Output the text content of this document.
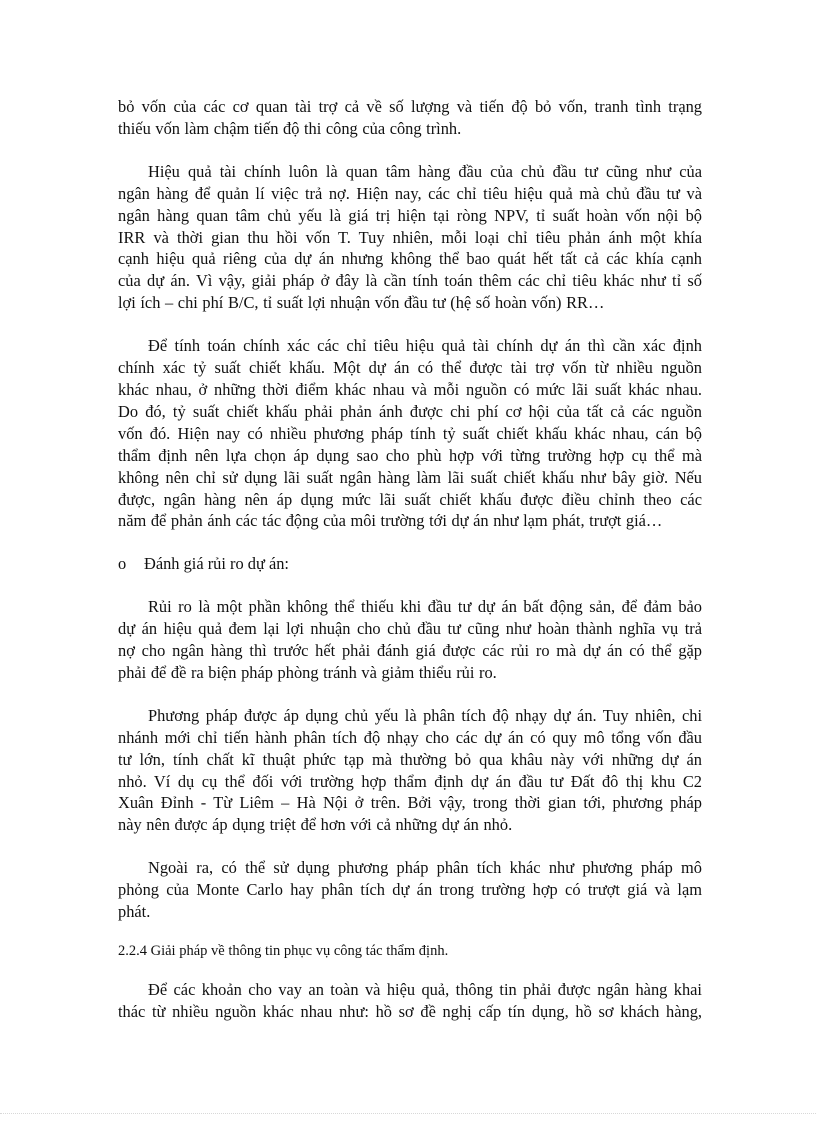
bỏ vốn của các cơ quan tài trợ cả về số lượng và tiến độ bỏ vốn, tranh tình trạng
thiếu vốn làm chậm tiến độ thi công của công trình.
Hiệu quả tài chính luôn là quan tâm hàng đầu của chủ đầu tư cũng như của
ngân hàng để quản lí việc trả nợ. Hiện nay, các chỉ tiêu hiệu quả mà chủ đầu tư và
ngân hàng quan tâm chủ yếu là giá trị hiện tại ròng NPV, tỉ suất hoàn vốn nội bộ
IRR và thời gian thu hồi vốn T. Tuy nhiên, mỗi loại chỉ tiêu phản ánh một khía
cạnh hiệu quả riêng của dự án nhưng không thể bao quát hết tất cả các khía cạnh
của dự án. Vì vậy, giải pháp ở đây là cần tính toán thêm các chỉ tiêu khác như tỉ số
lợi ích – chi phí B/C, tỉ suất lợi nhuận vốn đầu tư (hệ số hoàn vốn) RR…
Để tính toán chính xác các chỉ tiêu hiệu quả tài chính dự án thì cần xác định
chính xác tỷ suất chiết khấu. Một dự án có thể được tài trợ vốn từ nhiều nguồn
khác nhau, ở những thời điểm khác nhau và mỗi nguồn có mức lãi suất khác nhau.
Do đó, tỷ suất chiết khấu phải phản ánh được chi phí cơ hội của tất cả các nguồn
vốn đó. Hiện nay có nhiều phương pháp tính tỷ suất chiết khấu khác nhau, cán bộ
thẩm định nên lựa chọn áp dụng sao cho phù hợp với từng trường hợp cụ thể mà
không nên chỉ sử dụng lãi suất ngân hàng làm lãi suất chiết khấu như bây giờ. Nếu
được, ngân hàng nên áp dụng mức lãi suất chiết khấu được điều chỉnh theo các
năm để phản ánh các tác động của môi trường tới dự án như lạm phát, trượt giá…
o	Đánh giá rủi ro dự án:
Rủi ro là một phần không thể thiếu khi đầu tư dự án bất động sản, để đảm bảo
dự án hiệu quả đem lại lợi nhuận cho chủ đầu tư cũng như hoàn thành nghĩa vụ trả
nợ cho ngân hàng thì trước hết phải đánh giá được các rủi ro mà dự án có thể gặp
phải để đề ra biện pháp phòng tránh và giảm thiểu rủi ro.
Phương pháp được áp dụng chủ yếu là phân tích độ nhạy dự án. Tuy nhiên, chi
nhánh mới chỉ tiến hành phân tích độ nhạy cho các dự án có quy mô tổng vốn đầu
tư lớn, tính chất kĩ thuật phức tạp mà thường bỏ qua khâu này với những dự án
nhỏ. Ví dụ cụ thể đối với trường hợp thẩm định dự án đầu tư Đất đô thị khu C2
Xuân Đỉnh - Từ Liêm – Hà Nội ở trên. Bởi vậy, trong thời gian tới, phương pháp
này nên được áp dụng triệt để hơn với cả những dự án nhỏ.
Ngoài ra, có thể sử dụng phương pháp phân tích khác như phương pháp mô
phỏng của Monte Carlo hay phân tích dự án trong trường hợp có trượt giá và lạm
phát.
2.2.4 Giải pháp về thông tin phục vụ công tác thẩm định.
Để các khoản cho vay an toàn và hiệu quả, thông tin phải được ngân hàng khai
thác từ nhiều nguồn khác nhau như: hồ sơ đề nghị cấp tín dụng, hồ sơ khách hàng,
